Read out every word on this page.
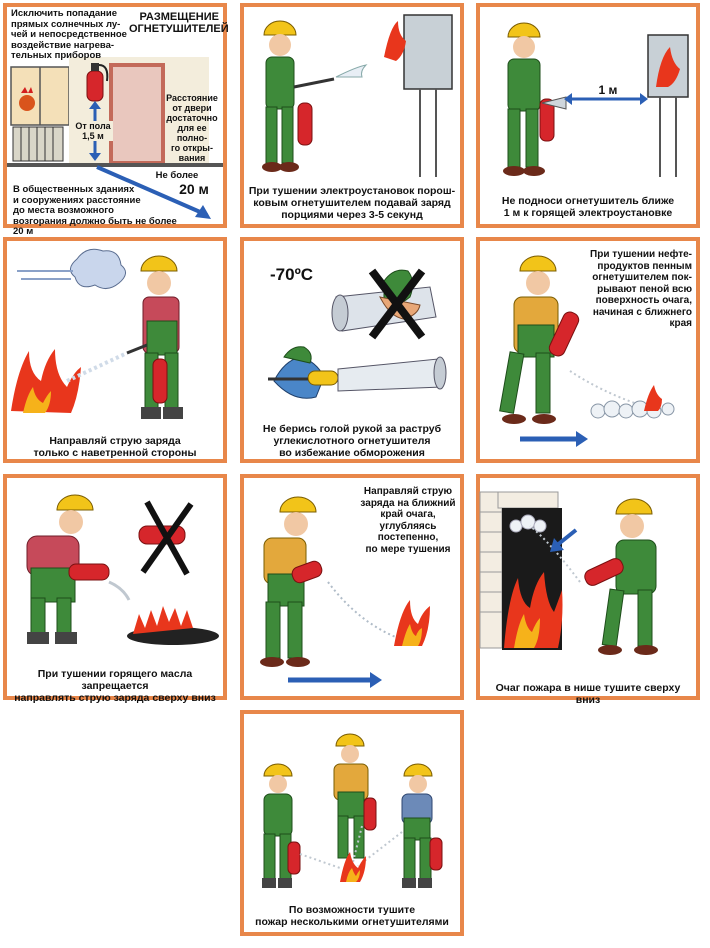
Исключить попадание
прямых солнечных лу-
чей и непосредственное
воздействие нагрева-
тельных приборов
РАЗМЕЩЕНИЕ
ОГНЕТУШИТЕЛЕЙ
От пола
1,5 м
Расстояние
от двери
достаточно
для ее полно-
го откры-
вания
Не более
20 м
В общественных зданиях
и сооружениях расстояние
до места возможного
возгорания должно быть не более 20 м
При тушении электроустановок порош-
ковым огнетушителем подавай заряд
порциями через 3-5 секунд
1 м
Не подноси огнетушитель ближе
1 м к горящей электроустановке
Направляй струю заряда
только с наветренной стороны
-70ºC
Не берись голой рукой за раструб
углекислотного огнетушителя
во избежание обморожения
При тушении нефте-
продуктов пенным
огнетушителем пок-
рывают пеной всю
поверхность очага,
начиная с ближнего
края
При тушении горящего масла запрещается
направлять струю заряда сверху вниз
Направляй струю
заряда на ближний
край очага,
углубляясь
постепенно,
по мере тушения
Очаг пожара в нише тушите сверху вниз
По возможности тушите
пожар несколькими огнетушителями
